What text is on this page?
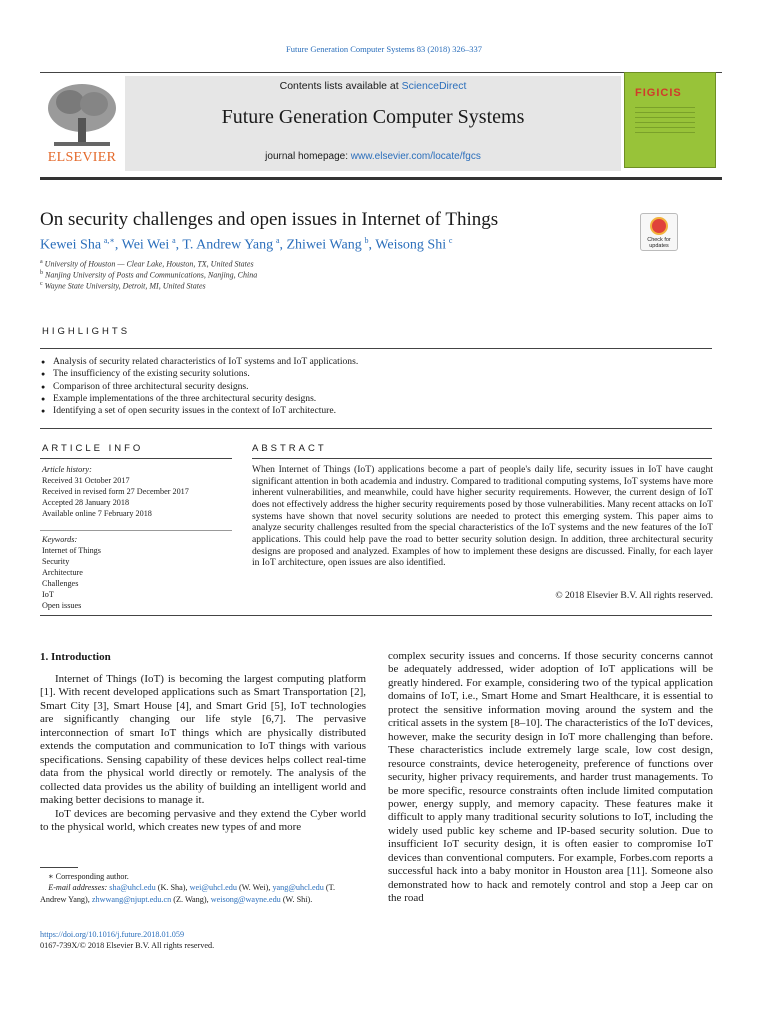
Future Generation Computer Systems 83 (2018) 326–337
ELSEVIER
Contents lists available at ScienceDirect
Future Generation Computer Systems
journal homepage: www.elsevier.com/locate/fgcs
FIGICIS
On security challenges and open issues in Internet of Things
Check for updates
Kewei Sha  $^{a,∗}$, Wei Wei  $^a$, T. Andrew Yang  $^a$, Zhiwei Wang  $^b$, Weisong Shi  $^c$
$^a$ University of Houston — Clear Lake, Houston, TX, United States
$^b$ Nanjing University of Posts and Communications, Nanjing, China
$^c$ Wayne State University, Detroit, MI, United States
HIGHLIGHTS
● Analysis of security related characteristics of IoT systems and IoT applications.
● The insufficiency of the existing security solutions.
● Comparison of three architectural security designs.
● Example implementations of the three architectural security designs.
● Identifying a set of open security issues in the context of IoT architecture.
ARTICLE INFO
Article history:
Received 31 October 2017
Received in revised form 27 December 2017
Accepted 28 January 2018
Available online 7 February 2018
Keywords:
Internet of Things
Security
Architecture
Challenges
IoT
Open issues
ABSTRACT
When Internet of Things (IoT) applications become a part of people's daily life, security issues in IoT have caught significant attention in both academia and industry. Compared to traditional computing systems, IoT systems have more inherent vulnerabilities, and meanwhile, could have higher security requirements. However, the current design of IoT does not effectively address the higher security requirements posed by those vulnerabilities. Many recent attacks on IoT systems have shown that novel security solutions are needed to protect this emerging system. This paper aims to analyze security challenges resulted from the special characteristics of the IoT systems and the new features of the IoT applications. This could help pave the road to better security solution design. In addition, three architectural security designs are proposed and analyzed. Examples of how to implement these designs are discussed. Finally, for each layer in IoT architecture, open issues are also identified.
© 2018 Elsevier B.V. All rights reserved.
1. Introduction

Internet of Things (IoT) is becoming the largest computing platform [1]. With recent developed applications such as Smart Transportation [2], Smart City [3], Smart House [4], and Smart Grid [5], IoT technologies are significantly changing our life style [6,7]. The pervasive interconnection of smart IoT things which are physically distributed extends the computation and communication to IoT things with various specifications. Sensing capability of these devices helps collect real-time data from the physical world directly or remotely. The analysis of the collected data provides us the ability of building an intelligent world and making better decisions to manage it.

IoT devices are becoming pervasive and they extend the Cyber world to the physical world, which creates new types of and more

complex security issues and concerns. If those security concerns cannot be adequately addressed, wider adoption of IoT applications will be greatly hindered. For example, considering two of the typical application domains of IoT, i.e., Smart Home and Smart Healthcare, it is essential to protect the sensitive information moving around the system and the critical assets in the system [8–10]. The characteristics of the IoT devices, however, make the security design in IoT more challenging than before. These characteristics include extremely large scale, low cost design, resource constraints, device heterogeneity, preference of functions over security, higher privacy requirements, and harder trust managements. To be more specific, resource constraints often include limited computation power, energy supply, and memory capacity. These features make it difficult to apply many traditional security solutions to IoT, including the widely used public key scheme and IP-based security solution. Due to insufficient IoT security design, it is often easier to compromise IoT devices than conventional computers. For example, Forbes.com reports a successful hack into a baby monitor in Houston area [11]. Someone also demonstrated how to hack and remotely control and stop a Jeep car on the road

∗ Corresponding author.
E-mail addresses: sha@uhcl.edu (K. Sha), wei@uhcl.edu (W. Wei), yang@uhcl.edu (T. Andrew Yang), zhwwang@njupt.edu.cn (Z. Wang), weisong@wayne.edu (W. Shi).
https://doi.org/10.1016/j.future.2018.01.059
0167-739X/© 2018 Elsevier B.V. All rights reserved.
